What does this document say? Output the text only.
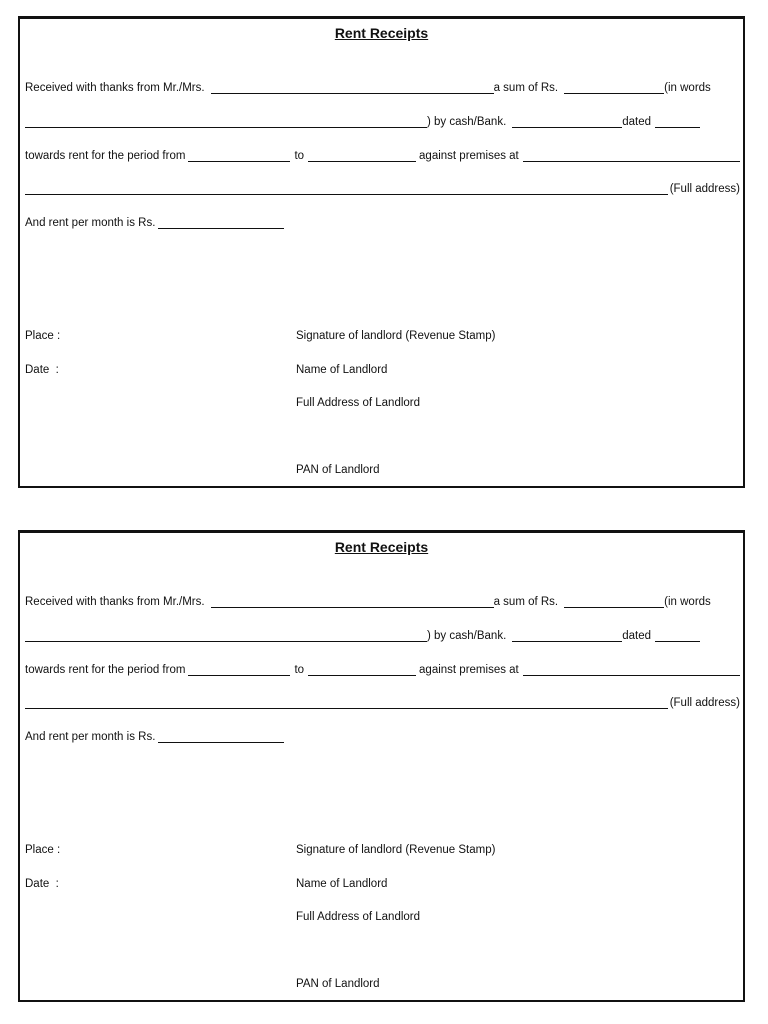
Rent Receipts
Received with thanks from Mr./Mrs.	a sum of Rs.	(in words
) by cash/Bank.	dated
towards rent for the period from	to	against premises at
(Full address)
And rent per month is Rs.
Place :
Date  :
Signature of landlord (Revenue Stamp)
Name of Landlord
Full Address of Landlord
PAN of Landlord
Rent Receipts
Received with thanks from Mr./Mrs.	a sum of Rs.	(in words
) by cash/Bank.	dated
towards rent for the period from	to	against premises at
(Full address)
And rent per month is Rs.
Place :
Date  :
Signature of landlord (Revenue Stamp)
Name of Landlord
Full Address of Landlord
PAN of Landlord
